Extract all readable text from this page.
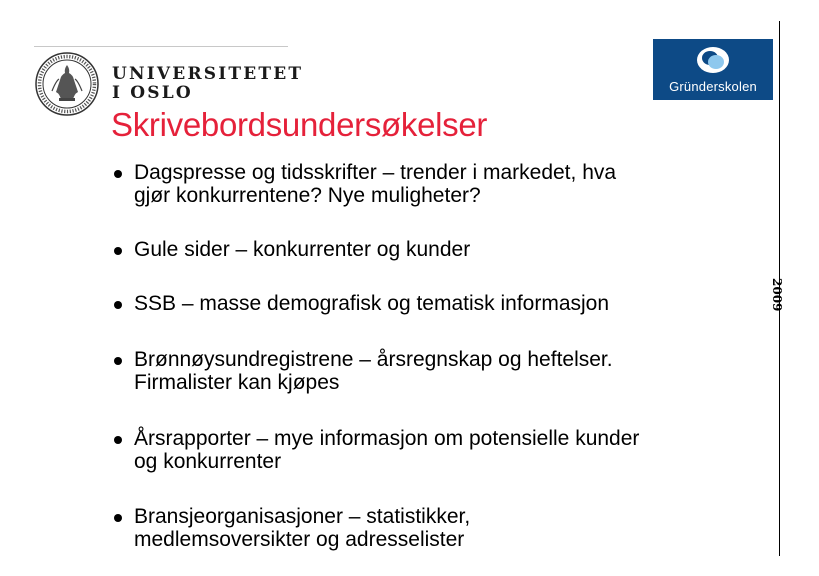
UNIVERSITETET
I OSLO	Gründerskolen
Skrivebordsundersøkelser
2009
Dagspresse og tidsskrifter – trender i markedet, hva
gjør konkurrentene? Nye muligheter?
Gule sider – konkurrenter og kunder
SSB – masse demografisk og tematisk informasjon
Brønnøysundregistrene – årsregnskap og heftelser.
Firmalister kan kjøpes
Årsrapporter – mye informasjon om potensielle kunder
og konkurrenter
Bransjeorganisasjoner – statistikker,
medlemsoversikter og adresselister
